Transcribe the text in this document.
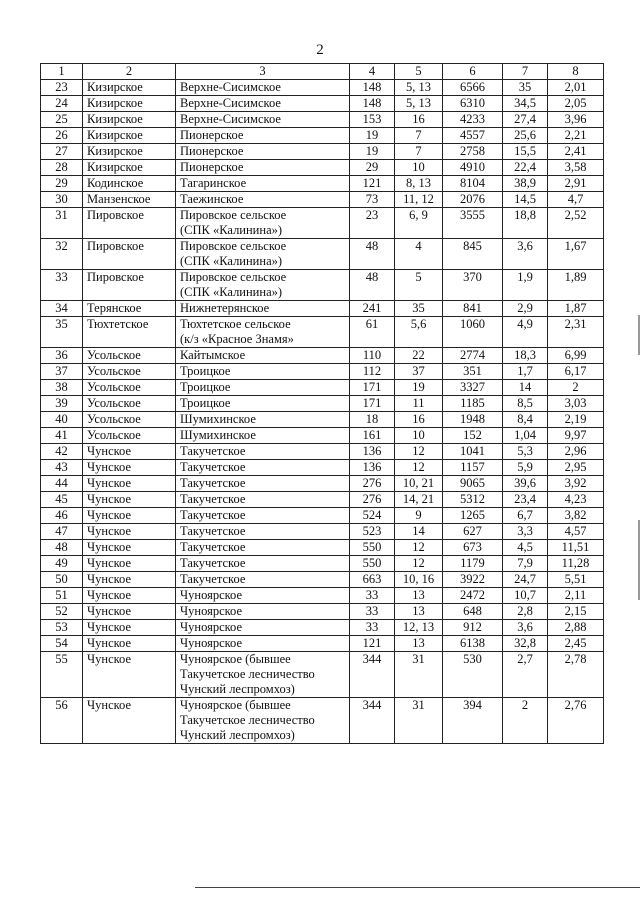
2
1	2	3	4	5	6	7	8
23	Кизирское	Верхне-Сисимское	148	5, 13	6566	35	2,01
24	Кизирское	Верхне-Сисимское	148	5, 13	6310	34,5	2,05
25	Кизирское	Верхне-Сисимское	153	16	4233	27,4	3,96
26	Кизирское	Пионерское	19	7	4557	25,6	2,21
27	Кизирское	Пионерское	19	7	2758	15,5	2,41
28	Кизирское	Пионерское	29	10	4910	22,4	3,58
29	Кодинское	Тагаринское	121	8, 13	8104	38,9	2,91
30	Манзенское	Таежинское	73	11, 12	2076	14,5	4,7
31	Пировское	Пировское сельское
(СПК «Калинина»)	23	6, 9	3555	18,8	2,52
32	Пировское	Пировское сельское
(СПК «Калинина»)	48	4	845	3,6	1,67
33	Пировское	Пировское сельское
(СПК «Калинина»)	48	5	370	1,9	1,89
34	Терянское	Нижнетерянское	241	35	841	2,9	1,87
35	Тюхтетское	Тюхтетское сельское
(к/з «Красное Знамя»	61	5,6	1060	4,9	2,31
36	Усольское	Кайтымское	110	22	2774	18,3	6,99
37	Усольское	Троицкое	112	37	351	1,7	6,17
38	Усольское	Троицкое	171	19	3327	14	2
39	Усольское	Троицкое	171	11	1185	8,5	3,03
40	Усольское	Шумихинское	18	16	1948	8,4	2,19
41	Усольское	Шумихинское	161	10	152	1,04	9,97
42	Чунское	Такучетское	136	12	1041	5,3	2,96
43	Чунское	Такучетское	136	12	1157	5,9	2,95
44	Чунское	Такучетское	276	10, 21	9065	39,6	3,92
45	Чунское	Такучетское	276	14, 21	5312	23,4	4,23
46	Чунское	Такучетское	524	9	1265	6,7	3,82
47	Чунское	Такучетское	523	14	627	3,3	4,57
48	Чунское	Такучетское	550	12	673	4,5	11,51
49	Чунское	Такучетское	550	12	1179	7,9	11,28
50	Чунское	Такучетское	663	10, 16	3922	24,7	5,51
51	Чунское	Чуноярское	33	13	2472	10,7	2,11
52	Чунское	Чуноярское	33	13	648	2,8	2,15
53	Чунское	Чуноярское	33	12, 13	912	3,6	2,88
54	Чунское	Чуноярское	121	13	6138	32,8	2,45
55	Чунское	Чуноярское (бывшее
Такучетское лесничество
Чунский леспромхоз)	344	31	530	2,7	2,78
56	Чунское	Чуноярское (бывшее
Такучетское лесничество
Чунский леспромхоз)	344	31	394	2	2,76
